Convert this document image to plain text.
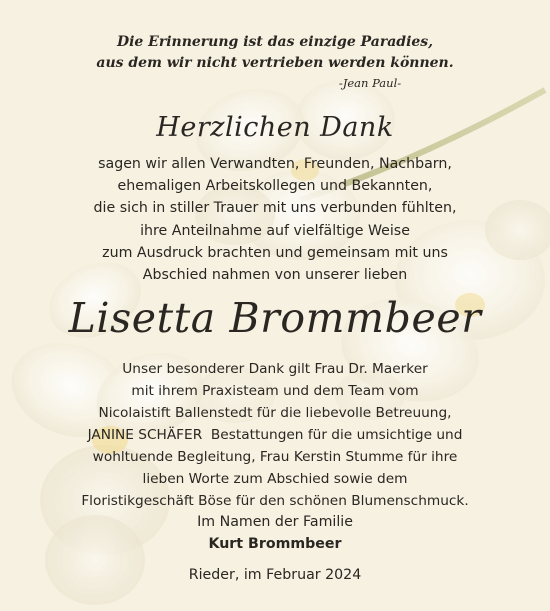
Die Erinnerung ist das einzige Paradies,
aus dem wir nicht vertrieben werden können.
-Jean Paul-
Herzlichen Dank
sagen wir allen Verwandten, Freunden, Nachbarn,
ehemaligen Arbeitskollegen und Bekannten,
die sich in stiller Trauer mit uns verbunden fühlten,
ihre Anteilnahme auf vielfältige Weise
zum Ausdruck brachten und gemeinsam mit uns
Abschied nahmen von unserer lieben
Lisetta Brommbeer
Unser besonderer Dank gilt Frau Dr. Maerker
mit ihrem Praxisteam und dem Team vom
Nicolaistift Ballenstedt für die liebevolle Betreuung,
JANINE SCHÄFER  Bestattungen für die umsichtige und
wohltuende Begleitung, Frau Kerstin Stumme für ihre
lieben Worte zum Abschied sowie dem
Floristikgeschäft Böse für den schönen Blumenschmuck.
Im Namen der Familie
Kurt Brommbeer
Rieder, im Februar 2024
